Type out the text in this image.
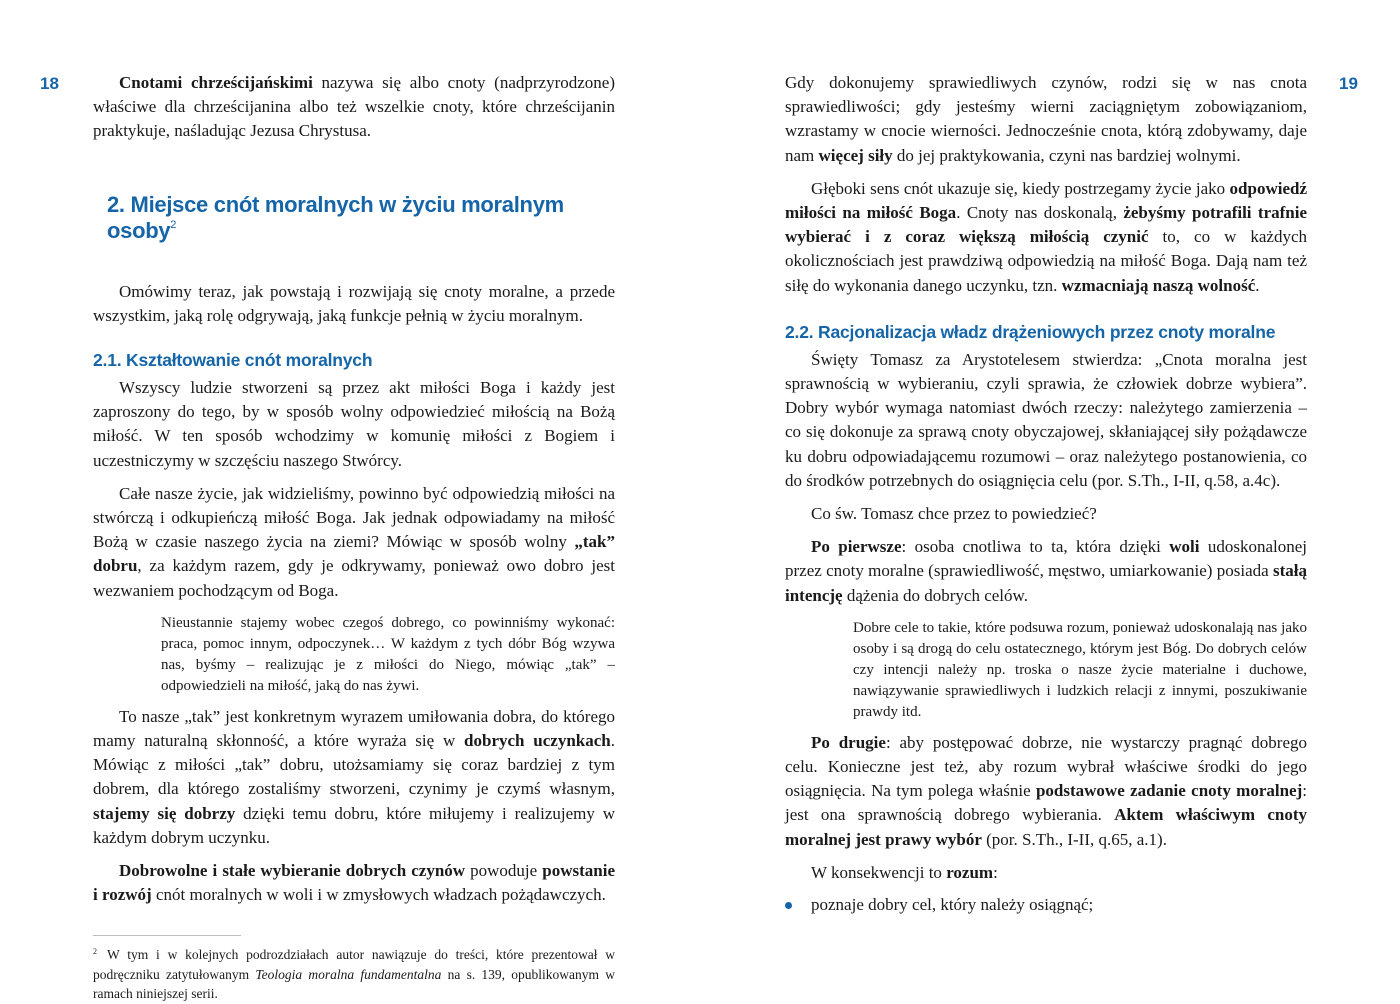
18	Cnotami chrześcijańskimi nazywa się albo cnoty (nadprzyrodzone) właściwe dla chrześcijanina albo też wszelkie cnoty, które chrześcijanin praktykuje, naśladując Jezusa Chrystusa.

2. Miejsce cnót moralnych w życiu moralnym osoby$^2$

Omówimy teraz, jak powstają i rozwijają się cnoty moralne, a przede wszystkim, jaką rolę odgrywają, jaką funkcje pełnią w życiu moralnym.

2.1. Kształtowanie cnót moralnych

Wszyscy ludzie stworzeni są przez akt miłości Boga i każdy jest zaproszony do tego, by w sposób wolny odpowiedzieć miłością na Bożą miłość. W ten sposób wchodzimy w komunię miłości z Bogiem i uczestniczymy w szczęściu naszego Stwórcy.

Całe nasze życie, jak widzieliśmy, powinno być odpowiedzią miłości na stwórczą i odkupieńczą miłość Boga. Jak jednak odpowiadamy na miłość Bożą w czasie naszego życia na ziemi? Mówiąc w sposób wolny „tak” dobru, za każdym razem, gdy je odkrywamy, ponieważ owo dobro jest wezwaniem pochodzącym od Boga.

Nieustannie stajemy wobec czegoś dobrego, co powinniśmy wykonać: praca, pomoc innym, odpoczynek… W każdym z tych dóbr Bóg wzywa nas, byśmy – realizując je z miłości do Niego, mówiąc „tak” – odpowiedzieli na miłość, jaką do nas żywi.

To nasze „tak” jest konkretnym wyrazem umiłowania dobra, do którego mamy naturalną skłonność, a które wyraża się w dobrych uczynkach. Mówiąc z miłości „tak” dobru, utożsamiamy się coraz bardziej z tym dobrem, dla którego zostaliśmy stworzeni, czynimy je czymś własnym, stajemy się dobrzy dzięki temu dobru, które miłujemy i realizujemy w każdym dobrym uczynku.

Dobrowolne i stałe wybieranie dobrych czynów powoduje powstanie i rozwój cnót moralnych w woli i w zmysłowych władzach pożądawczych.

$^2$ W tym i w kolejnych podrozdziałach autor nawiązuje do treści, które prezentował w podręczniku zatytułowanym Teologia moralna fundamentalna na s. 139, opublikowanym w ramach niniejszej serii.
19

Gdy dokonujemy sprawiedliwych czynów, rodzi się w nas cnota sprawiedliwości; gdy jesteśmy wierni zaciągniętym zobowiązaniom, wzrastamy w cnocie wierności. Jednocześnie cnota, którą zdobywamy, daje nam więcej siły do jej praktykowania, czyni nas bardziej wolnymi.

Głęboki sens cnót ukazuje się, kiedy postrzegamy życie jako odpowiedź miłości na miłość Boga. Cnoty nas doskonalą, żebyśmy potrafili trafnie wybierać i z coraz większą miłością czynić to, co w każdych okolicznościach jest prawdziwą odpowiedzią na miłość Boga. Dają nam też siłę do wykonania danego uczynku, tzn. wzmacniają naszą wolność.

2.2. Racjonalizacja władz drążeniowych przez cnoty moralne

Święty Tomasz za Arystotelesem stwierdza: „Cnota moralna jest sprawnością w wybieraniu, czyli sprawia, że człowiek dobrze wybiera”. Dobry wybór wymaga natomiast dwóch rzeczy: należytego zamierzenia – co się dokonuje za sprawą cnoty obyczajowej, skłaniającej siły pożądawcze ku dobru odpowiadającemu rozumowi – oraz należytego postanowienia, co do środków potrzebnych do osiągnięcia celu (por. S.Th., I-II, q.58, a.4c).

Co św. Tomasz chce przez to powiedzieć?

Po pierwsze: osoba cnotliwa to ta, która dzięki woli udoskonalonej przez cnoty moralne (sprawiedliwość, męstwo, umiarkowanie) posiada stałą intencję dążenia do dobrych celów.

Dobre cele to takie, które podsuwa rozum, ponieważ udoskonalają nas jako osoby i są drogą do celu ostatecznego, którym jest Bóg. Do dobrych celów czy intencji należy np. troska o nasze życie materialne i duchowe, nawiązywanie sprawiedliwych i ludzkich relacji z innymi, poszukiwanie prawdy itd.

Po drugie: aby postępować dobrze, nie wystarczy pragnąć dobrego celu. Konieczne jest też, aby rozum wybrał właściwe środki do jego osiągnięcia. Na tym polega właśnie podstawowe zadanie cnoty moralnej: jest ona sprawnością dobrego wybierania. Aktem właściwym cnoty moralnej jest prawy wybór (por. S.Th., I-II, q.65, a.1).

W konsekwencji to rozum:

poznaje dobry cel, który należy osiągnąć;
